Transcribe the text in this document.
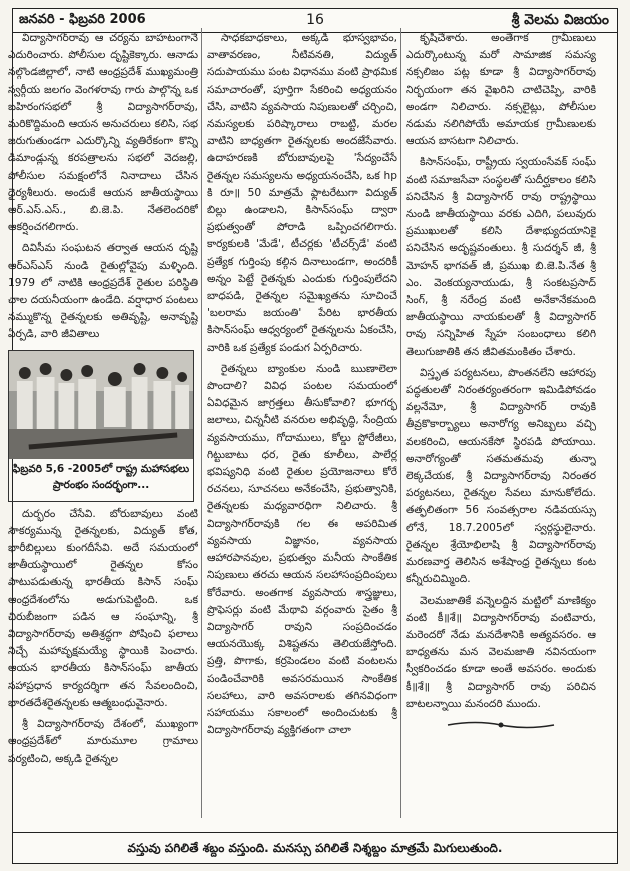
జనవరి - ఫిబ్రవరి 2006	16	శ్రీ వెలమ విజయం

విద్యాసాగర్‌రావు ఆ చర్యను బాహటంగానే ఎదురించారు. పోలీసుల దృష్టికెక్కారు. ఆనాడు నల్గొండజిల్లాలో, నాటి ఆంధ్రప్రదేశ్ ముఖ్యమంత్రి స్వర్గీయ జలగం వెంగళరావు గారు పాల్గొన్న ఒక బహిరంగసభలో శ్రీ విద్యాసాగర్‌రావు, మరికొద్దిమంది ఆయన అనుచరులు కలిసి, సభ జరుగుతుండగా ఎదుర్కొన్ని వ్యతిరేకంగా కొన్ని డిమాండ్లున్న కరపత్రాలను సభలో వెదజల్లి, పోలీసుల సమక్షంలోనే నినాదాలు చేసిన ధైర్యశీలురు. అందుకే ఆయన జాతీయస్థాయి ఆర్.ఎస్.ఎస్., బి.జె.పి. నేతలెందరికో ఆకర్షించగలిగారు.

దివిసీమ సంఘటన తర్వాత ఆయన దృష్టి ఆర్ఎస్ఎస్ నుండి రైతుల్లోవైపు మళ్ళింది. 1979 లో నాటికి ఆంధ్రప్రదేశ్ రైతుల పరిస్థితి చాల దయనీయంగా ఉండేది. వర్షాధార పంటలు నమ్ముకొన్న రైతన్నలకు అతివృష్టి, అనావృష్టి ఏర్పడి, వారి జీవితాలు

ఫిబ్రవరి 5,6 -2005లో రాష్ట్ర మహాసభలు ప్రారంభం సందర్భంగా...

దుర్భరం చేసేవి. బోరుబావులు వంటి సౌకర్యమున్న రైతన్నలకు, విద్యుత్ కోత, భారీబిల్లులు కుంగదీసేవి. అదే సమయంలో జాతీయస్థాయిలో రైతన్నల కోసం పాటుపడుతున్న భారతీయ కిసాన్ సంఘ్ ఆంధ్రదేశంలోను అడుగుపెట్టింది. ఒక చిరుబీజంగా పడిన ఆ సంఘాన్ని, శ్రీ విద్యాసాగర్‌రావు అతిశ్రద్ధగా పోషించి ఫలాలు నిచ్చే మహావృక్షమయ్యే స్థాయికి పెంచారు. ఆయన భారతీయ కిసాన్‌సంఘ్ జాతీయ సహాప్రధాన కార్యదర్శిగా తన సేవలందించి, భారతదేశరైతన్నలకు ఆత్మబంధువైనారు.

శ్రీ విద్యాసాగర్‌రావు దేశంలో, ముఖ్యంగా ఆంధ్రప్రదేశ్‌లో మారుమూల గ్రామాలు పర్యటించి, అక్కడి రైతన్నల

సాధకబాధకాలు, అక్కడి భూస్వభావం, వాతావరణం, నీటివనతి, విద్యుత్ సదుపాయము పంట విధానము వంటి ప్రాథమిక సమాచారంతో, పూర్తిగా సేకరించి అధ్యయనం చేసి, వాటిని వ్యవసాయ నిపుణులతో చర్చించి, నమస్యలకు పరిష్కారాలు రాబట్టి, మరల వాటిని బాధ్యతగా రైతన్నలకు అందజేసేవారు. ఉదాహరణకి బోరుబావులపై 'సేద్యంచేసే రైతన్నల సమస్యలను అధ్యయనంచేసి, ఒక hp కి రూ॥ 50 మాత్రమే ఫ్లాటరేటుగా విద్యుత్ బిల్లు ఉండాలని, కిసాన్‌సంఘ్ ద్వారా ప్రభుత్వంతో పోరాడి ఒప్పించగలిగారు. కార్యకులకి 'మేడే', టీచర్లకు 'టీచర్స్‌డే' వంటి ప్రత్యేక గుర్తింపు కల్గిన దినాలుండగా, అందరికీ అన్నం పెట్టే రైతన్నకు ఎందుకు గుర్తింపులేదని బాధపడి, రైతన్నల సమైఖ్యతను సూచించే 'బలరామ జయంతి' పేరిట భారతీయ కిసాన్‌సంఘ్ ఆధ్వర్యంలో రైతన్నలను ఏకంచేసి, వారికి ఒక ప్రత్యేక పండుగ ఏర్పరిచారు.

రైతన్నలు బ్యాంకుల నుండి ఋణాలెలా పొందాలి? వివిధ పంటల సమయంలో ఏవిధమైన జాగ్రత్తలు తీసుకోవాలి? భూగర్భ జలాలు, చిన్ననీటి వనరుల అభివృద్ధి, సేంద్రియ వ్యవసాయము, గోదాములు, కోల్డు స్టోరేజీలు, గిట్టుబాటు ధర, రైతు కూలీలు, పాలేర్ల భవిష్యనిధి వంటి రైతుల ప్రయోజనాలు కోరే రచనలు, సూచనలు అనేకంచేసి, ప్రభుత్వానికి, రైతన్నలకు మధ్యవారధిగా నిలిచారు. శ్రీ విద్యాసాగర్‌రావుకి గల ఈ అపరిమిత వ్యవసాయ విజ్ఞానం, వ్యవసాయ ఆహారపానవుల, ప్రభుత్వం మనీయ సాంకేతిక నిపుణులు తరచు ఆయన సలహాసంప్రదింపులు కోరేవారు. అంతగాక వ్యవసాయ శాస్త్రజ్ఞులు, ప్రొఫెసర్లు వంటి మేథావి వర్గంవారు సైతం శ్రీ విద్యాసాగర్ రావుని సంప్రదించడం ఆయనయొక్క విశిష్టతను తెలియజేస్తోంది. ప్రత్తి, పొగాకు, కర్రపెండలం వంటి వంటలను పండించేవారికి అవసరమయిన సాంకేతిక సలహాలు, వారి అవసరాలకు తగినవిధంగా సహాయము సకాలంలో అందించుటకు శ్రీ విద్యాసాగర్‌రావు వ్యక్తిగతంగా చాలా

కృషిచేశారు. అంతేగాక గ్రామీణులు ఎదుర్కొంటున్న మరో సామాజిక సమస్య నక్సలిజం పట్ల కూడా శ్రీ విద్యాసాగర్‌రావు నిర్భయంగా తన వైఖరిని చాటిచెప్పి, వారికి అండగా నిలిచారు. నక్సలైట్లు, పోలీసుల నడుమ నలిగిపోయే అమాయక గ్రామీణులకు ఆయన బాసటగా నిలిచారు.

కిసాన్‌సంఘ్, రాష్ట్రీయ స్వయంసేవక్ సంఘ్ వంటి సమాజసేవా సంస్థలతో సుదీర్ఘకాలం కలిసి పనిచేసిన శ్రీ విద్యాసాగర్ రావు రాష్ట్రస్థాయి నుండి జాతీయస్థాయి వరకు ఎదిగి, పలువురు ప్రముఖులతో కలిసి దేశాభ్యుదయానికై పనిచేసిన అదృష్టవంతులు. శ్రీ సుదర్శన్ జీ, శ్రీ మోహన్ భాగవత్ జీ, ప్రముఖ బి.జె.పి.నేత శ్రీ ఎం. వెంకయ్యనాయుడు, శ్రీ సంకటప్రసాద్ సింగ్, శ్రీ నరేంద్ర వంటి అనేకానేకమంది జాతీయస్థాయి నాయకులతో శ్రీ విద్యాసాగర్ రావు సన్నిహిత స్నేహ సంబంధాలు కలిగి తెలుగుజాతికి తన జీవితమంకితం చేశారు.

విస్తృత పర్యటనలు, పొంతనలేని ఆహారపు పద్ధతులతో నిరంతర్యంతరంగా ఇమిడిపోవడం వల్లనేమో, శ్రీ విద్యాసాగర్ రావుకి తీవ్రకొకార్బ్యాలు అనారోగ్య అనిబ్బలు వచ్చి వలకరించి, ఆయనకేసో స్థిరపడి పోయాయి. అనారోగ్యంతో సతమతమవు తున్నా లెక్కచేయక, శ్రీ విద్యాసాగర్‌రావు నిరంతర పర్యటనలు, రైతన్నల సేవలు మానుకోలేదు. తత్ఫలితంగా 56 సంవత్సరాల నడివయస్సు లోనే, 18.7.2005లో స్వర్గస్థులైనారు. రైతన్నల శ్రేయోభిలాషి శ్రీ విద్యాసాగర్‌రావు మరణవార్త తెలిసిన అశేషాంధ్ర రైతన్నలు కంట కన్నీరుచిమ్మింది.

వెలమజాతికే వన్నెలద్దిన మట్టిలో మాణిక్యం వంటి కీ॥శే॥ విద్యాసాగర్‌రావు వంటివారు, మరెందరో నేడు మనదేశానికి అత్యవసరం. ఆ బాధ్యతను మన వెలమజాతి నవినయంగా స్వీకరించడం కూడా అంతే అవసరం. అందుకు కీ॥శే॥ శ్రీ విద్యాసాగర్ రావు పరిచిన బాటలన్నాయి మనందరి ముందు.

వస్తువు పగిలితే శబ్దం వస్తుంది. మనస్సు పగిలితే నిశ్శబ్దం మాత్రమే మిగులుతుంది.
